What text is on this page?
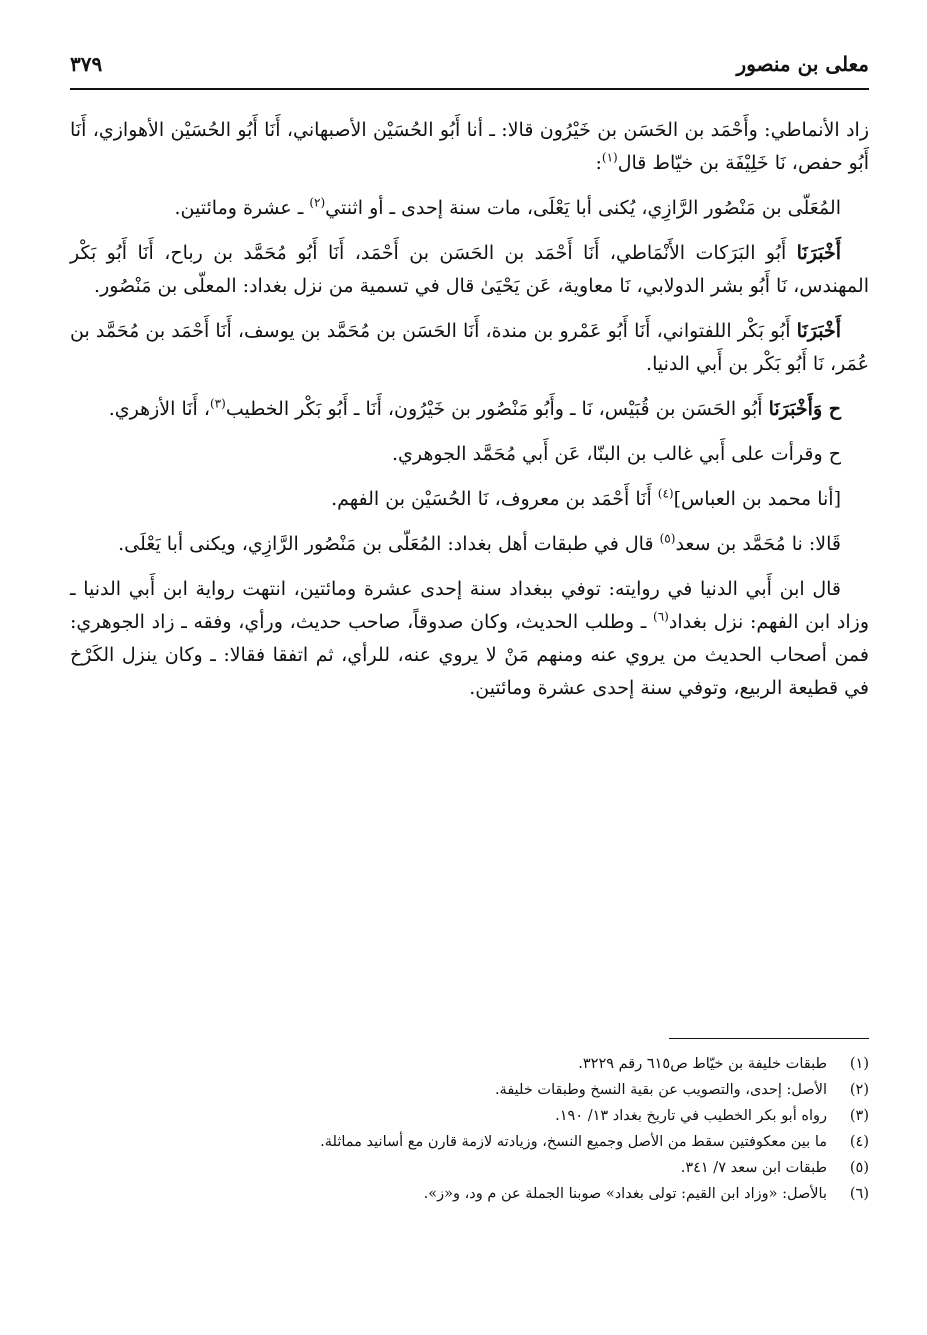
معلى بن منصور
٣٧٩

زاد الأنماطي: وأَحْمَد بن الحَسَن بن خَيْرُون قالا: ـ أنا أَبُو الحُسَيْن الأصبهاني، أَنَا أَبُو الحُسَيْن الأهوازي، أَنَا أَبُو حفص، نَا خَلِيْفَة بن خيّاط قال$^{(١)}$:

المُعَلّى بن مَنْصُور الرَّازِي، يُكنى أبا يَعْلَى، مات سنة إحدى ـ أو اثنتي$^{(٢)}$ ـ عشرة ومائتين.

أَخْبَرَنَا أَبُو البَرَكات الأَنْمَاطي، أَنَا أَحْمَد بن الحَسَن بن أَحْمَد، أَنَا أَبُو مُحَمَّد بن رباح، أَنَا أَبُو بَكْر المهندس، نَا أَبُو بشر الدولابي، نَا معاوية، عَن يَحْيَىٰ قال في تسمية من نزل بغداد: المعلّى بن مَنْصُور.

أَخْبَرَنَا أَبُو بَكْر اللفتواني، أَنَا أَبُو عَمْرو بن مندة، أَنَا الحَسَن بن مُحَمَّد بن يوسف، أَنَا أَحْمَد بن مُحَمَّد بن عُمَر، نَا أَبُو بَكْر بن أَبي الدنيا.

ح وَأَخْبَرَنَا أَبُو الحَسَن بن قُبَيْس، نَا ـ وأَبُو مَنْصُور بن خَيْرُون، أَنَا ـ أَبُو بَكْر الخطيب$^{(٣)}$، أَنَا الأزهري.

ح وقرأت على أَبي غالب بن البنّا، عَن أَبي مُحَمَّد الجوهري.

[أنا محمد بن العباس]$^{(٤)}$ أَنَا أَحْمَد بن معروف، نَا الحُسَيْن بن الفهم.

قَالا: نا مُحَمَّد بن سعد$^{(٥)}$ قال في طبقات أهل بغداد: المُعَلّى بن مَنْصُور الرَّازِي، ويكنى أبا يَعْلَى.

قال ابن أَبي الدنيا في روايته: توفي ببغداد سنة إحدى عشرة ومائتين، انتهت رواية ابن أَبي الدنيا ـ وزاد ابن الفهم: نزل بغداد$^{(٦)}$ ـ وطلب الحديث، وكان صدوقاً، صاحب حديث، ورأي، وفقه ـ زاد الجوهري: فمن أصحاب الحديث من يروي عنه ومنهم مَنْ لا يروي عنه، للرأي، ثم اتفقا فقالا: ـ وكان ينزل الكَرْخ في قطيعة الربيع، وتوفي سنة إحدى عشرة ومائتين.

(١)
طبقات خليفة بن خيّاط ص٦١٥ رقم ٣٢٢٩.
(٢)
الأصل: إحدى، والتصويب عن بقية النسخ وطبقات خليفة.
(٣)
رواه أبو بكر الخطيب في تاريخ بغداد ١٣/ ١٩٠.
(٤)
ما بين معكوفتين سقط من الأصل وجميع النسخ، وزيادته لازمة قارن مع أسانيد مماثلة.
(٥)
طبقات ابن سعد ٧/ ٣٤١.
(٦)
بالأصل: «وزاد ابن القيم: تولى بغداد» صوبنا الجملة عن م ود، و«ز».
